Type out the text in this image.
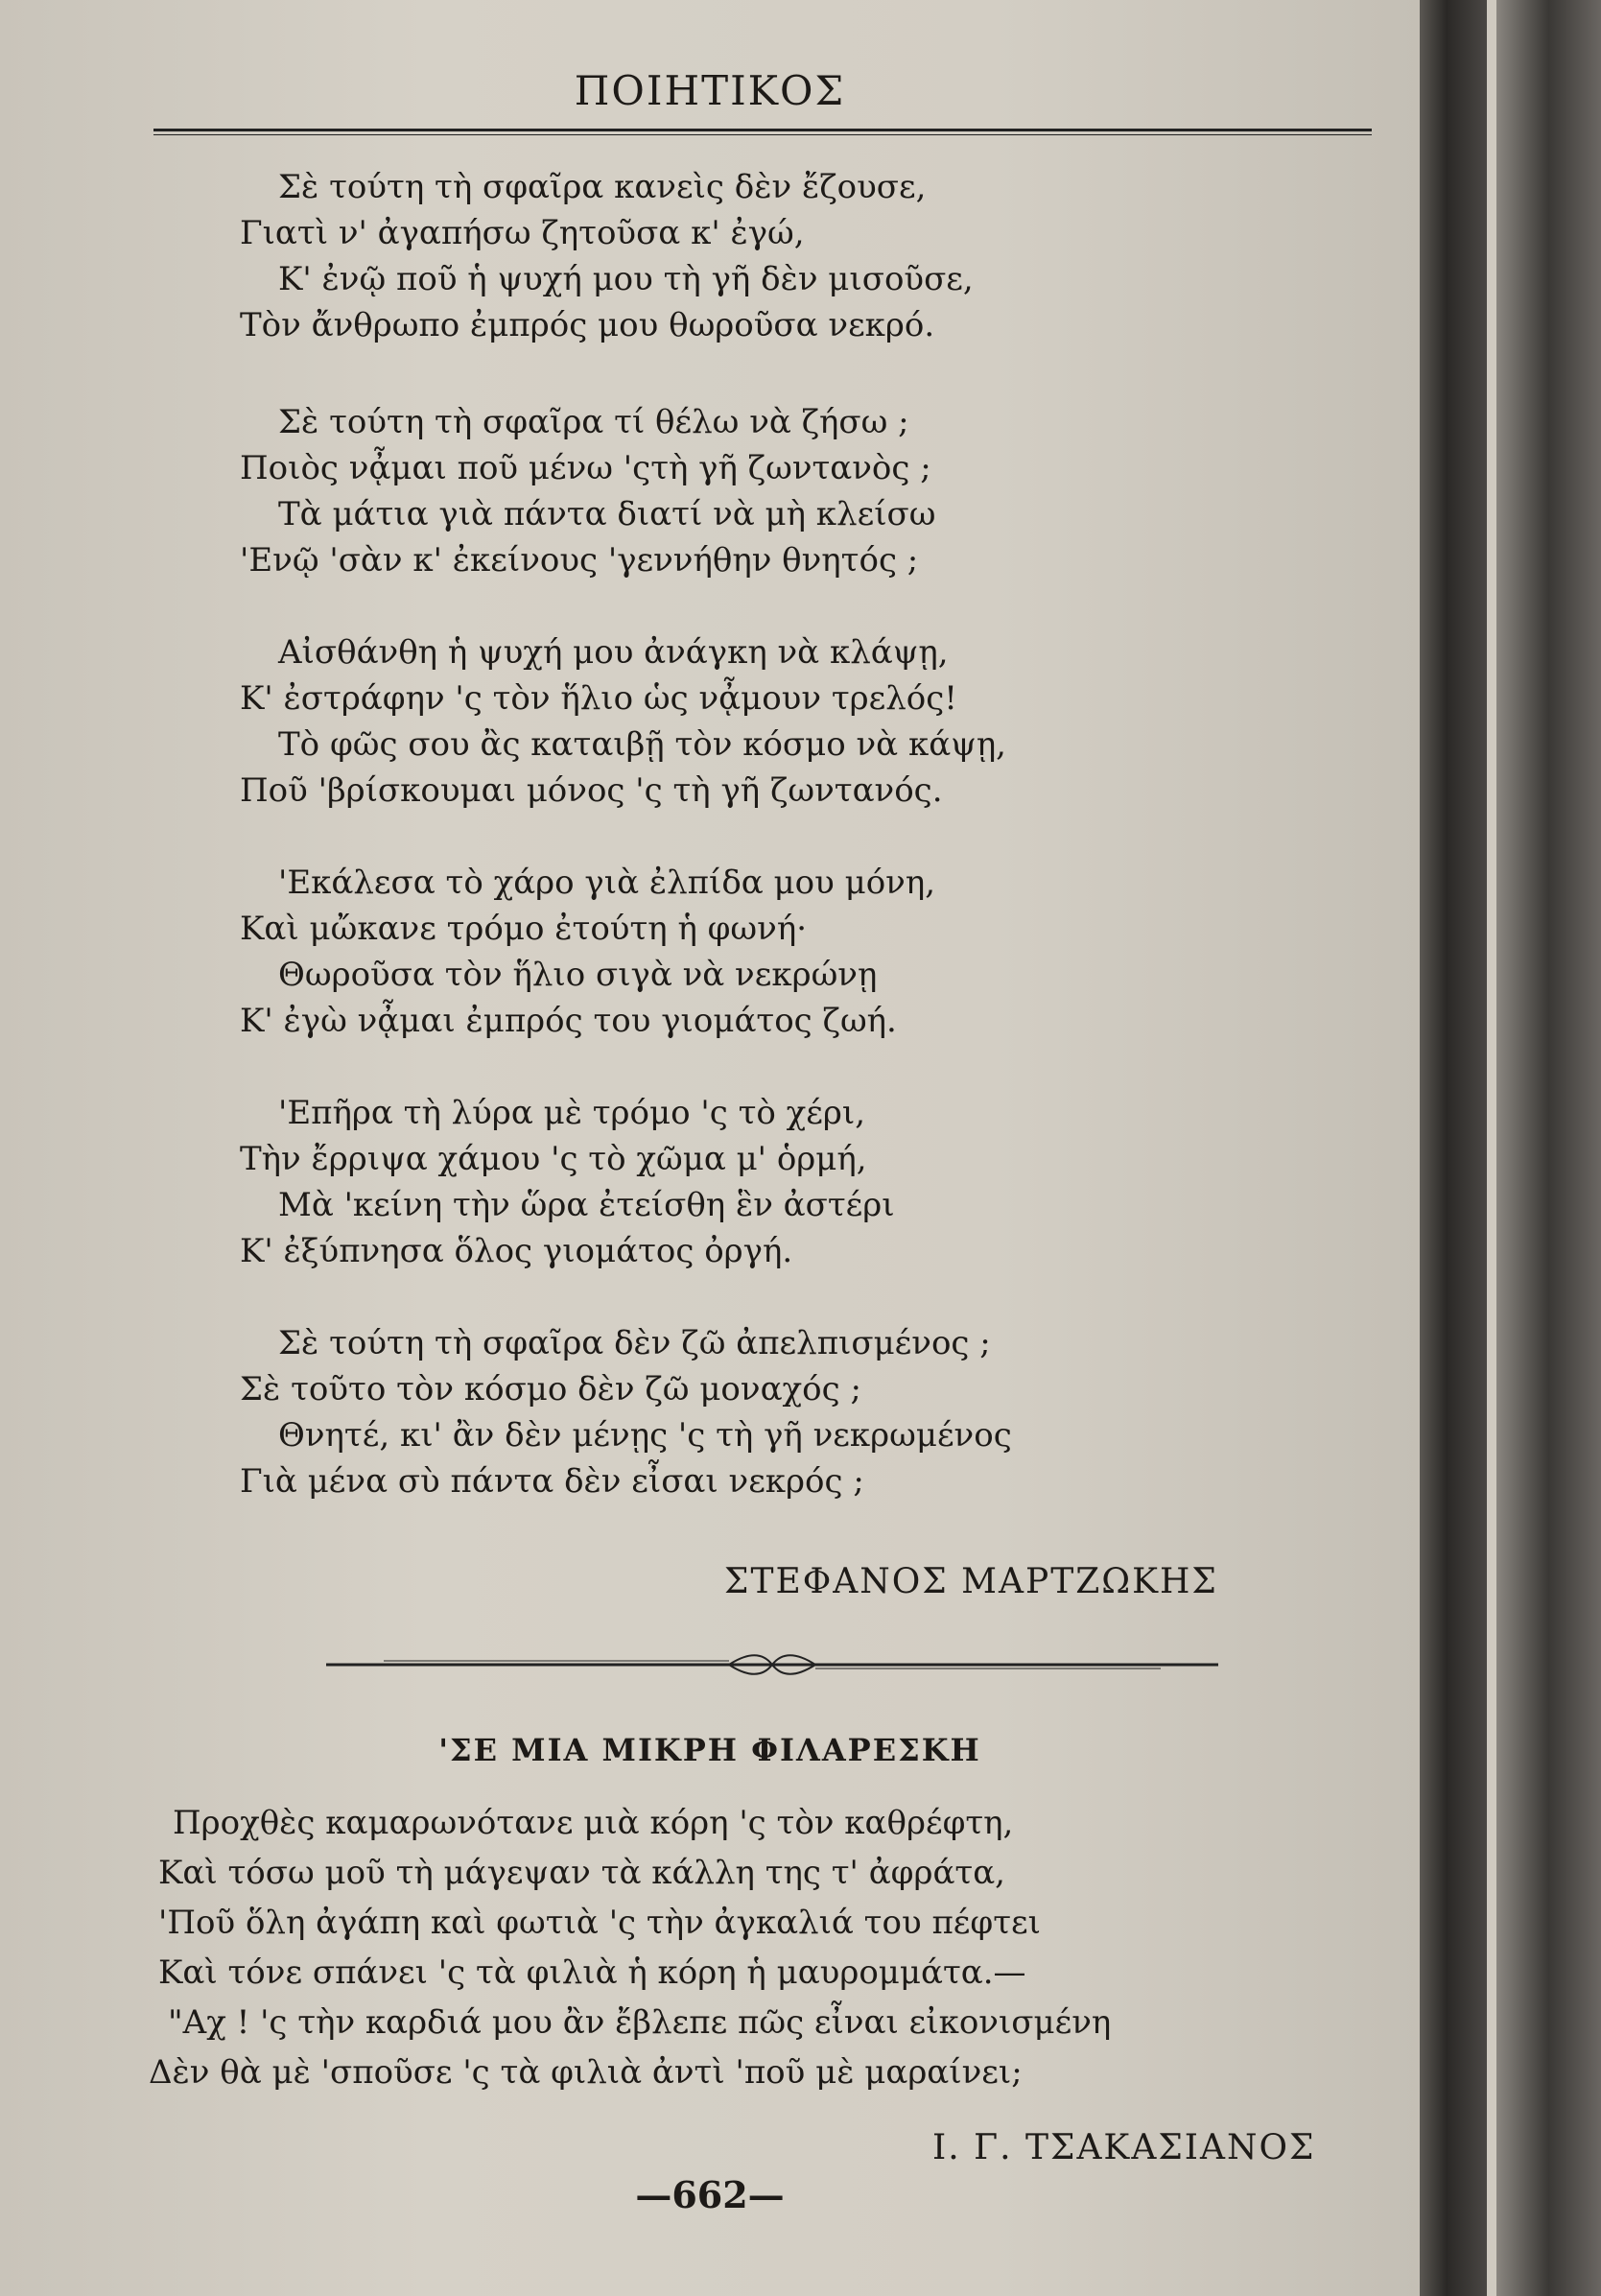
ΠΟΙΗΤΙΚΟΣ
Σὲ τούτη τὴ σφαῖρα κανεὶς δὲν ἔζουσε,
Γιατὶ ν' ἀγαπήσω ζητοῦσα κ' ἐγώ,
Κ' ἐνῷ ποῦ ἡ ψυχή μου τὴ γῆ δὲν μισοῦσε,
Τὸν ἄνθρωπο ἐμπρός μου θωροῦσα νεκρό.
Σὲ τούτη τὴ σφαῖρα τί θέλω νὰ ζήσω ;
Ποιὸς νᾆμαι ποῦ μένω 'ςτὴ γῆ ζωντανὸς ;
Τὰ μάτια γιὰ πάντα διατί νὰ μὴ κλείσω
'Ενῷ 'σὰν κ' ἐκείνους 'γεννήθην θνητός ;
Αἰσθάνθη ἡ ψυχή μου ἀνάγκη νὰ κλάψῃ,
Κ' ἐστράφην 'ς τὸν ἥλιο ὡς νᾆμουν τρελός!
Τὸ φῶς σου ἂς καταιβῇ τὸν κόσμο νὰ κάψῃ,
Ποῦ 'βρίσκουμαι μόνος 'ς τὴ γῆ ζωντανός.
'Εκάλεσα τὸ χάρο γιὰ ἐλπίδα μου μόνη,
Καὶ μὤκανε τρόμο ἐτούτη ἡ φωνή·
Θωροῦσα τὸν ἥλιο σιγὰ νὰ νεκρώνῃ
Κ' ἐγὼ νᾆμαι ἐμπρός του γιομάτος ζωή.
'Επῆρα τὴ λύρα μὲ τρόμο 'ς τὸ χέρι,
Τὴν ἔρριψα χάμου 'ς τὸ χῶμα μ' ὁρμή,
Μὰ 'κείνη τὴν ὥρα ἐτείσθη ἓν ἀστέρι
Κ' ἐξύπνησα ὅλος γιομάτος ὀργή.
Σὲ τούτη τὴ σφαῖρα δὲν ζῶ ἀπελπισμένος ;
Σὲ τοῦτο τὸν κόσμο δὲν ζῶ μοναχός ;
Θνητέ, κι' ἂν δὲν μένῃς 'ς τὴ γῆ νεκρωμένος
Γιὰ μένα σὺ πάντα δὲν εἶσαι νεκρός ;
ΣΤΕΦΑΝΟΣ ΜΑΡΤΖΩΚΗΣ
'ΣΕ ΜΙΑ ΜΙΚΡΗ ΦΙΛΑΡΕΣΚΗ
Προχθὲς καμαρωνότανε μιὰ κόρη 'ς τὸν καθρέφτη,
Καὶ τόσω μοῦ τὴ μάγεψαν τὰ κάλλη της τ' ἀφράτα,
'Ποῦ ὅλη ἀγάπη καὶ φωτιὰ 'ς τὴν ἀγκαλιά του πέφτει
Καὶ τόνε σπάνει 'ς τὰ φιλιὰ ἡ κόρη ἡ μαυρομμάτα.—
"Αχ ! 'ς τὴν καρδιά μου ἂν ἔβλεπε πῶς εἶναι εἰκονισμένη
Δὲν θὰ μὲ 'σποῦσε 'ς τὰ φιλιὰ ἀντὶ 'ποῦ μὲ μαραίνει;
Ι. Γ. ΤΣΑΚΑΣΙΑΝΟΣ
—662—
